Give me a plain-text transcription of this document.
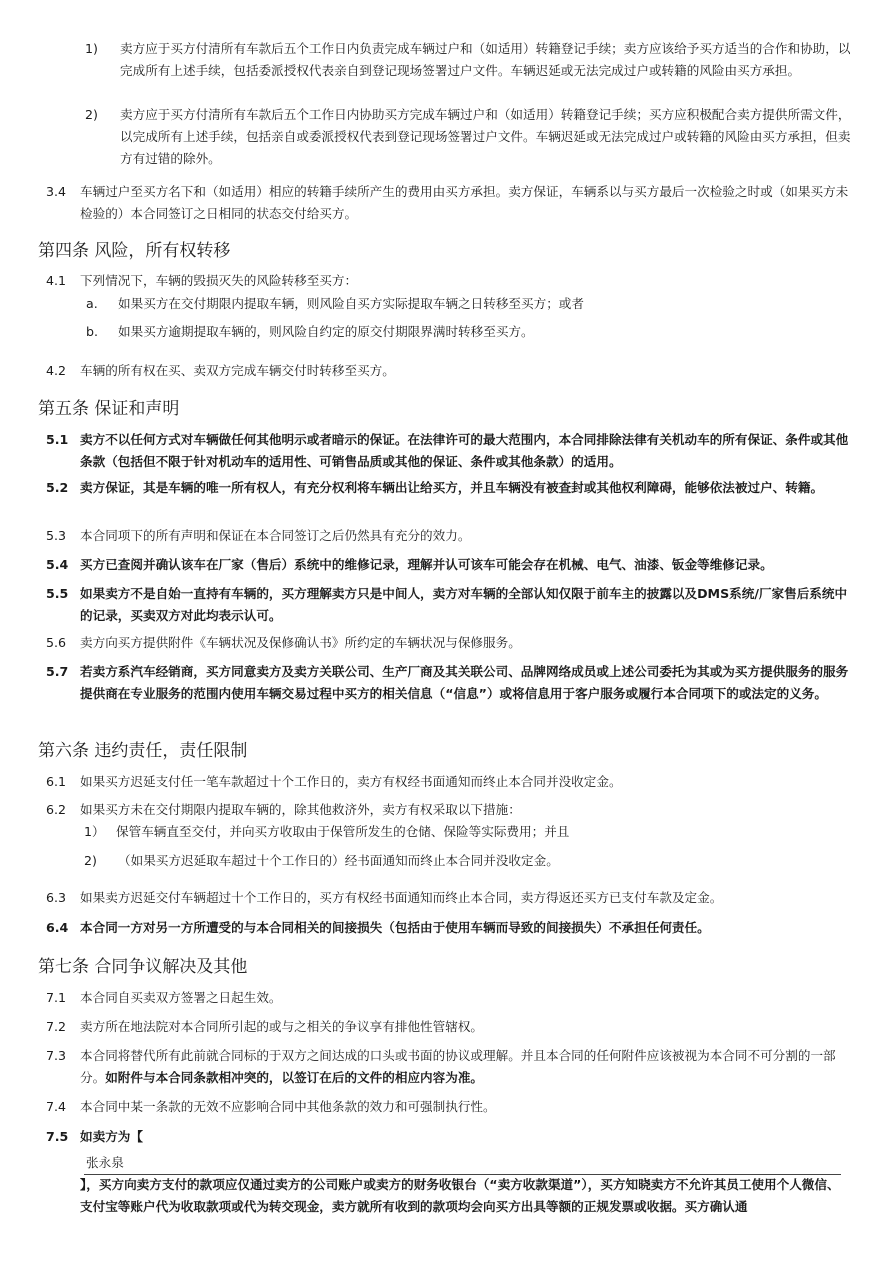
1) 卖方应于买方付清所有车款后五个工作日内负责完成车辆过户和（如适用）转籍登记手续；卖方应该给予买方适当的合作和协助，以完成所有上述手续，包括委派授权代表亲自到登记现场签署过户文件。车辆迟延或无法完成过户或转籍的风险由买方承担。
2) 卖方应于买方付清所有车款后五个工作日内协助买方完成车辆过户和（如适用）转籍登记手续；买方应积极配合卖方提供所需文件，以完成所有上述手续，包括亲自或委派授权代表到登记现场签署过户文件。车辆迟延或无法完成过户或转籍的风险由买方承担，但卖方有过错的除外。
3.4 车辆过户至买方名下和（如适用）相应的转籍手续所产生的费用由买方承担。卖方保证，车辆系以与买方最后一次检验之时或（如果买方未检验的）本合同签订之日相同的状态交付给买方。
第四条 风险，所有权转移
4.1 下列情况下，车辆的毁损灭失的风险转移至买方：
a. 如果买方在交付期限内提取车辆，则风险自买方实际提取车辆之日转移至买方；或者
b. 如果买方逾期提取车辆的，则风险自约定的原交付期限界满时转移至买方。
4.2 车辆的所有权在买、卖双方完成车辆交付时转移至买方。
第五条 保证和声明
5.1 卖方不以任何方式对车辆做任何其他明示或者暗示的保证。在法律许可的最大范围内，本合同排除法律有关机动车的所有保证、条件或其他条款（包括但不限于针对机动车的适用性、可销售品质或其他的保证、条件或其他条款）的适用。
5.2 卖方保证，其是车辆的唯一所有权人，有充分权利将车辆出让给买方，并且车辆没有被查封或其他权利障碍，能够依法被过户、转籍。
5.3 本合同项下的所有声明和保证在本合同签订之后仍然具有充分的效力。
5.4 买方已查阅并确认该车在厂家（售后）系统中的维修记录，理解并认可该车可能会存在机械、电气、油漆、钣金等维修记录。
5.5 如果卖方不是自始一直持有车辆的，买方理解卖方只是中间人，卖方对车辆的全部认知仅限于前车主的披露以及DMS系统/厂家售后系统中的记录，买卖双方对此均表示认可。
5.6 卖方向买方提供附件《车辆状况及保修确认书》所约定的车辆状况与保修服务。
5.7 若卖方系汽车经销商，买方同意卖方及卖方关联公司、生产厂商及其关联公司、品牌网络成员或上述公司委托为其或为买方提供服务的服务提供商在专业服务的范围内使用车辆交易过程中买方的相关信息（“信息”）或将信息用于客户服务或履行本合同项下的或法定的义务。
第六条 违约责任，责任限制
6.1 如果买方迟延支付任一笔车款超过十个工作日的，卖方有权经书面通知而终止本合同并没收定金。
6.2 如果买方未在交付期限内提取车辆的，除其他救济外，卖方有权采取以下措施：
1） 保管车辆直至交付，并向买方收取由于保管所发生的仓储、保险等实际费用；并且
2) （如果买方迟延取车超过十个工作日的）经书面通知而终止本合同并没收定金。
6.3 如果卖方迟延交付车辆超过十个工作日的，买方有权经书面通知而终止本合同，卖方得返还买方已支付车款及定金。
6.4 本合同一方对另一方所遭受的与本合同相关的间接损失（包括由于使用车辆而导致的间接损失）不承担任何责任。
第七条 合同争议解决及其他
7.1 本合同自买卖双方签署之日起生效。
7.2 卖方所在地法院对本合同所引起的或与之相关的争议享有排他性管辖权。
7.3 本合同将替代所有此前就合同标的于双方之间达成的口头或书面的协议或理解。并且本合同的任何附件应该被视为本合同不可分割的一部分。如附件与本合同条款相冲突的，以签订在后的文件的相应内容为准。
7.4 本合同中某一条款的无效不应影响合同中其他条款的效力和可强制执行性。
7.5 如卖方为【
张永泉
】，买方向卖方支付的款项应仅通过卖方的公司账户或卖方的财务收银台（“卖方收款渠道”），买方知晓卖方不允许其员工使用个人微信、支付宝等账户代为收取款项或代为转交现金，卖方就所有收到的款项均会向买方出具等额的正规发票或收据。买方确认通
